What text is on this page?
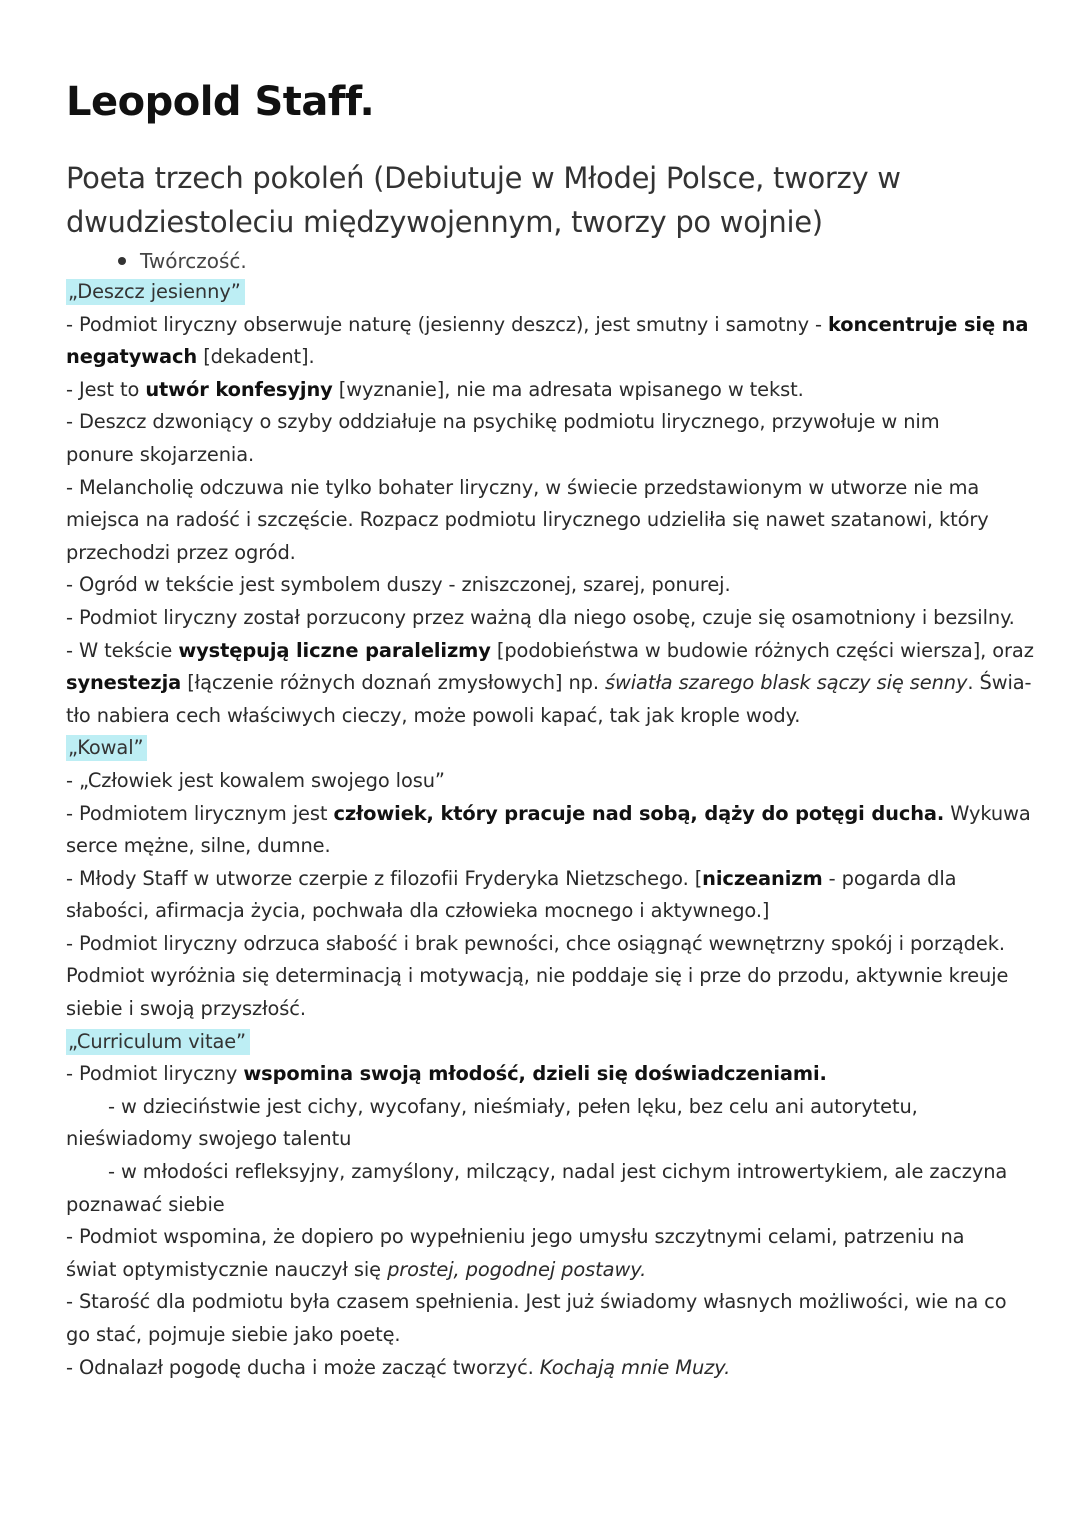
Leopold Staff.

Poeta trzech pokoleń (Debiutuje w Młodej Polsce, tworzy w
dwudziestoleciu międzywojennym, tworzy po wojnie)

Twórczość.
„Deszcz jesienny”
- Podmiot liryczny obserwuje naturę (jesienny deszcz), jest smutny i samotny - koncentruje się na
negatywach [dekadent].
- Jest to utwór konfesyjny [wyznanie], nie ma adresata wpisanego w tekst.
- Deszcz dzwoniący o szyby oddziałuje na psychikę podmiotu lirycznego, przywołuje w nim
ponure skojarzenia.
- Melancholię odczuwa nie tylko bohater liryczny, w świecie przedstawionym w utworze nie ma
miejsca na radość i szczęście. Rozpacz podmiotu lirycznego udzieliła się nawet szatanowi, który
przechodzi przez ogród.
- Ogród w tekście jest symbolem duszy - zniszczonej, szarej, ponurej.
- Podmiot liryczny został porzucony przez ważną dla niego osobę, czuje się osamotniony i bezsilny.
- W tekście występują liczne paralelizmy [podobieństwa w budowie różnych części wiersza], oraz
synestezja [łączenie różnych doznań zmysłowych] np. światła szarego blask sączy się senny. Świa-
tło nabiera cech właściwych cieczy, może powoli kapać, tak jak krople wody.
„Kowal”
- „Człowiek jest kowalem swojego losu”
- Podmiotem lirycznym jest człowiek, który pracuje nad sobą, dąży do potęgi ducha. Wykuwa
serce mężne, silne, dumne.
- Młody Staff w utworze czerpie z filozofii Fryderyka Nietzschego. [niczeanizm - pogarda dla
słabości, afirmacja życia, pochwała dla człowieka mocnego i aktywnego.]
- Podmiot liryczny odrzuca słabość i brak pewności, chce osiągnąć wewnętrzny spokój i porządek.
Podmiot wyróżnia się determinacją i motywacją, nie poddaje się i prze do przodu, aktywnie kreuje
siebie i swoją przyszłość.
„Curriculum vitae”
- Podmiot liryczny wspomina swoją młodość, dzieli się doświadczeniami.
- w dzieciństwie jest cichy, wycofany, nieśmiały, pełen lęku, bez celu ani autorytetu,
nieświadomy swojego talentu
- w młodości refleksyjny, zamyślony, milczący, nadal jest cichym introwertykiem, ale zaczyna
poznawać siebie
- Podmiot wspomina, że dopiero po wypełnieniu jego umysłu szczytnymi celami, patrzeniu na
świat optymistycznie nauczył się prostej, pogodnej postawy.
- Starość dla podmiotu była czasem spełnienia. Jest już świadomy własnych możliwości, wie na co
go stać, pojmuje siebie jako poetę.
- Odnalazł pogodę ducha i może zacząć tworzyć. Kochają mnie Muzy.
